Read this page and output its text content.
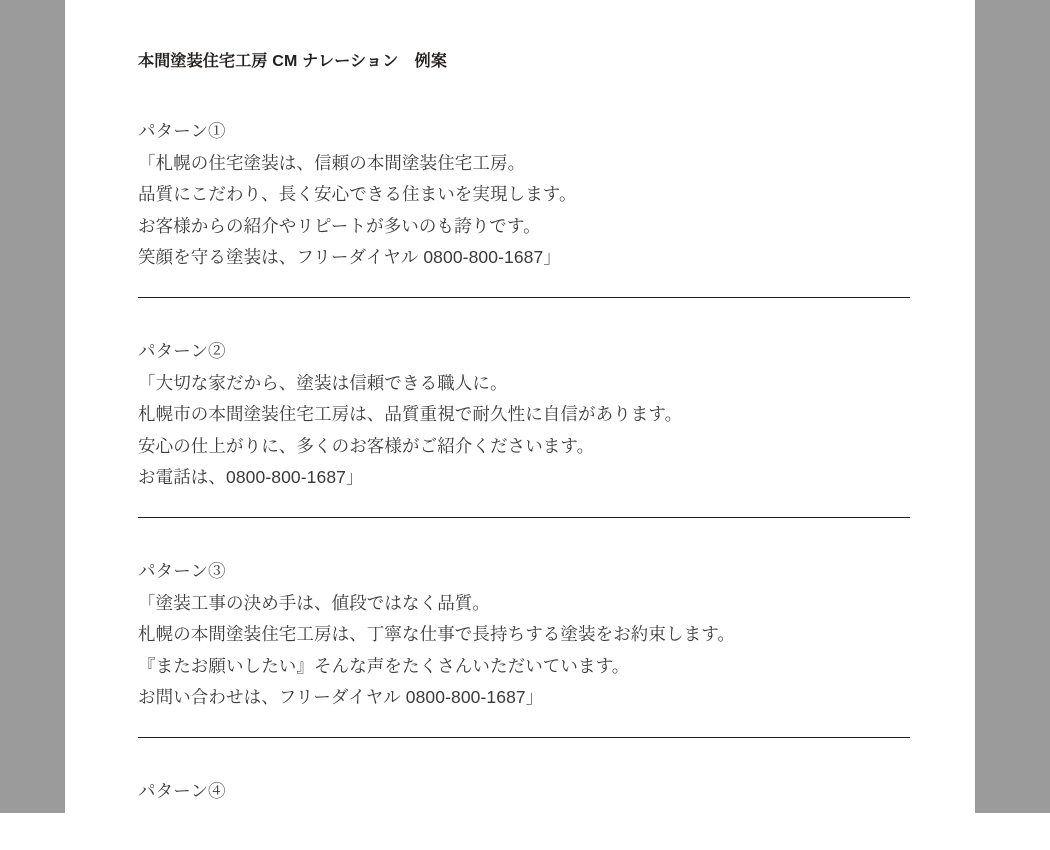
本間塗装住宅工房 CM ナレーション　例案

パターン①

「札幌の住宅塗装は、信頼の本間塗装住宅工房。

品質にこだわり、長く安心できる住まいを実現します。

お客様からの紹介やリピートが多いのも誇りです。

笑顔を守る塗装は、フリーダイヤル 0800-800-1687」

パターン②

「大切な家だから、塗装は信頼できる職人に。

札幌市の本間塗装住宅工房は、品質重視で耐久性に自信があります。

安心の仕上がりに、多くのお客様がご紹介くださいます。

お電話は、0800-800-1687」

パターン③

「塗装工事の決め手は、値段ではなく品質。

札幌の本間塗装住宅工房は、丁寧な仕事で長持ちする塗装をお約束します。

『またお願いしたい』そんな声をたくさんいただいています。

お問い合わせは、フリーダイヤル 0800-800-1687」

パターン④
